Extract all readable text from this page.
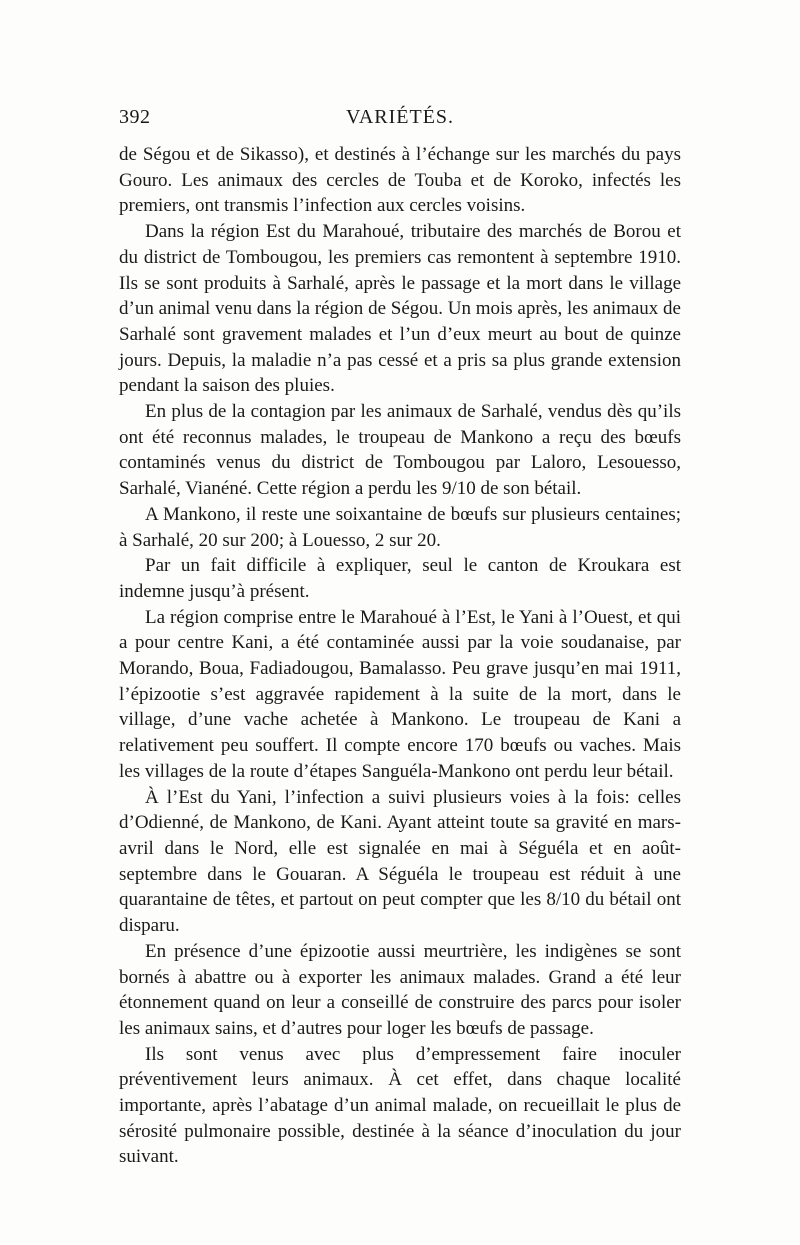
392	VARIÉTÉS.

de Ségou et de Sikasso), et destinés à l’échange sur les marchés du pays Gouro. Les animaux des cercles de Touba et de Koroko, infectés les premiers, ont transmis l’infection aux cercles voisins.

Dans la région Est du Marahoué, tributaire des marchés de Borou et du district de Tombougou, les premiers cas remontent à septembre 1910. Ils se sont produits à Sarhalé, après le passage et la mort dans le village d’un animal venu dans la région de Ségou. Un mois après, les animaux de Sarhalé sont gravement malades et l’un d’eux meurt au bout de quinze jours. Depuis, la maladie n’a pas cessé et a pris sa plus grande extension pendant la saison des pluies.

En plus de la contagion par les animaux de Sarhalé, vendus dès qu’ils ont été reconnus malades, le troupeau de Mankono a reçu des bœufs contaminés venus du district de Tombougou par Laloro, Lesouesso, Sarhalé, Vianéné. Cette région a perdu les 9/10 de son bétail.

A Mankono, il reste une soixantaine de bœufs sur plusieurs centaines; à Sarhalé, 20 sur 200; à Louesso, 2 sur 20.

Par un fait difficile à expliquer, seul le canton de Kroukara est indemne jusqu’à présent.

La région comprise entre le Marahoué à l’Est, le Yani à l’Ouest, et qui a pour centre Kani, a été contaminée aussi par la voie soudanaise, par Morando, Boua, Fadiadougou, Bamalasso. Peu grave jusqu’en mai 1911, l’épizootie s’est aggravée rapidement à la suite de la mort, dans le village, d’une vache achetée à Mankono. Le troupeau de Kani a relativement peu souffert. Il compte encore 170 bœufs ou vaches. Mais les villages de la route d’étapes Sanguéla-Mankono ont perdu leur bétail.

À l’Est du Yani, l’infection a suivi plusieurs voies à la fois: celles d’Odienné, de Mankono, de Kani. Ayant atteint toute sa gravité en mars-avril dans le Nord, elle est signalée en mai à Séguéla et en août-septembre dans le Gouaran. A Séguéla le troupeau est réduit à une quarantaine de têtes, et partout on peut compter que les 8/10 du bétail ont disparu.

En présence d’une épizootie aussi meurtrière, les indigènes se sont bornés à abattre ou à exporter les animaux malades. Grand a été leur étonnement quand on leur a conseillé de construire des parcs pour isoler les animaux sains, et d’autres pour loger les bœufs de passage.

Ils sont venus avec plus d’empressement faire inoculer préventivement leurs animaux. À cet effet, dans chaque localité importante, après l’abatage d’un animal malade, on recueillait le plus de sérosité pulmonaire possible, destinée à la séance d’inoculation du jour suivant.
